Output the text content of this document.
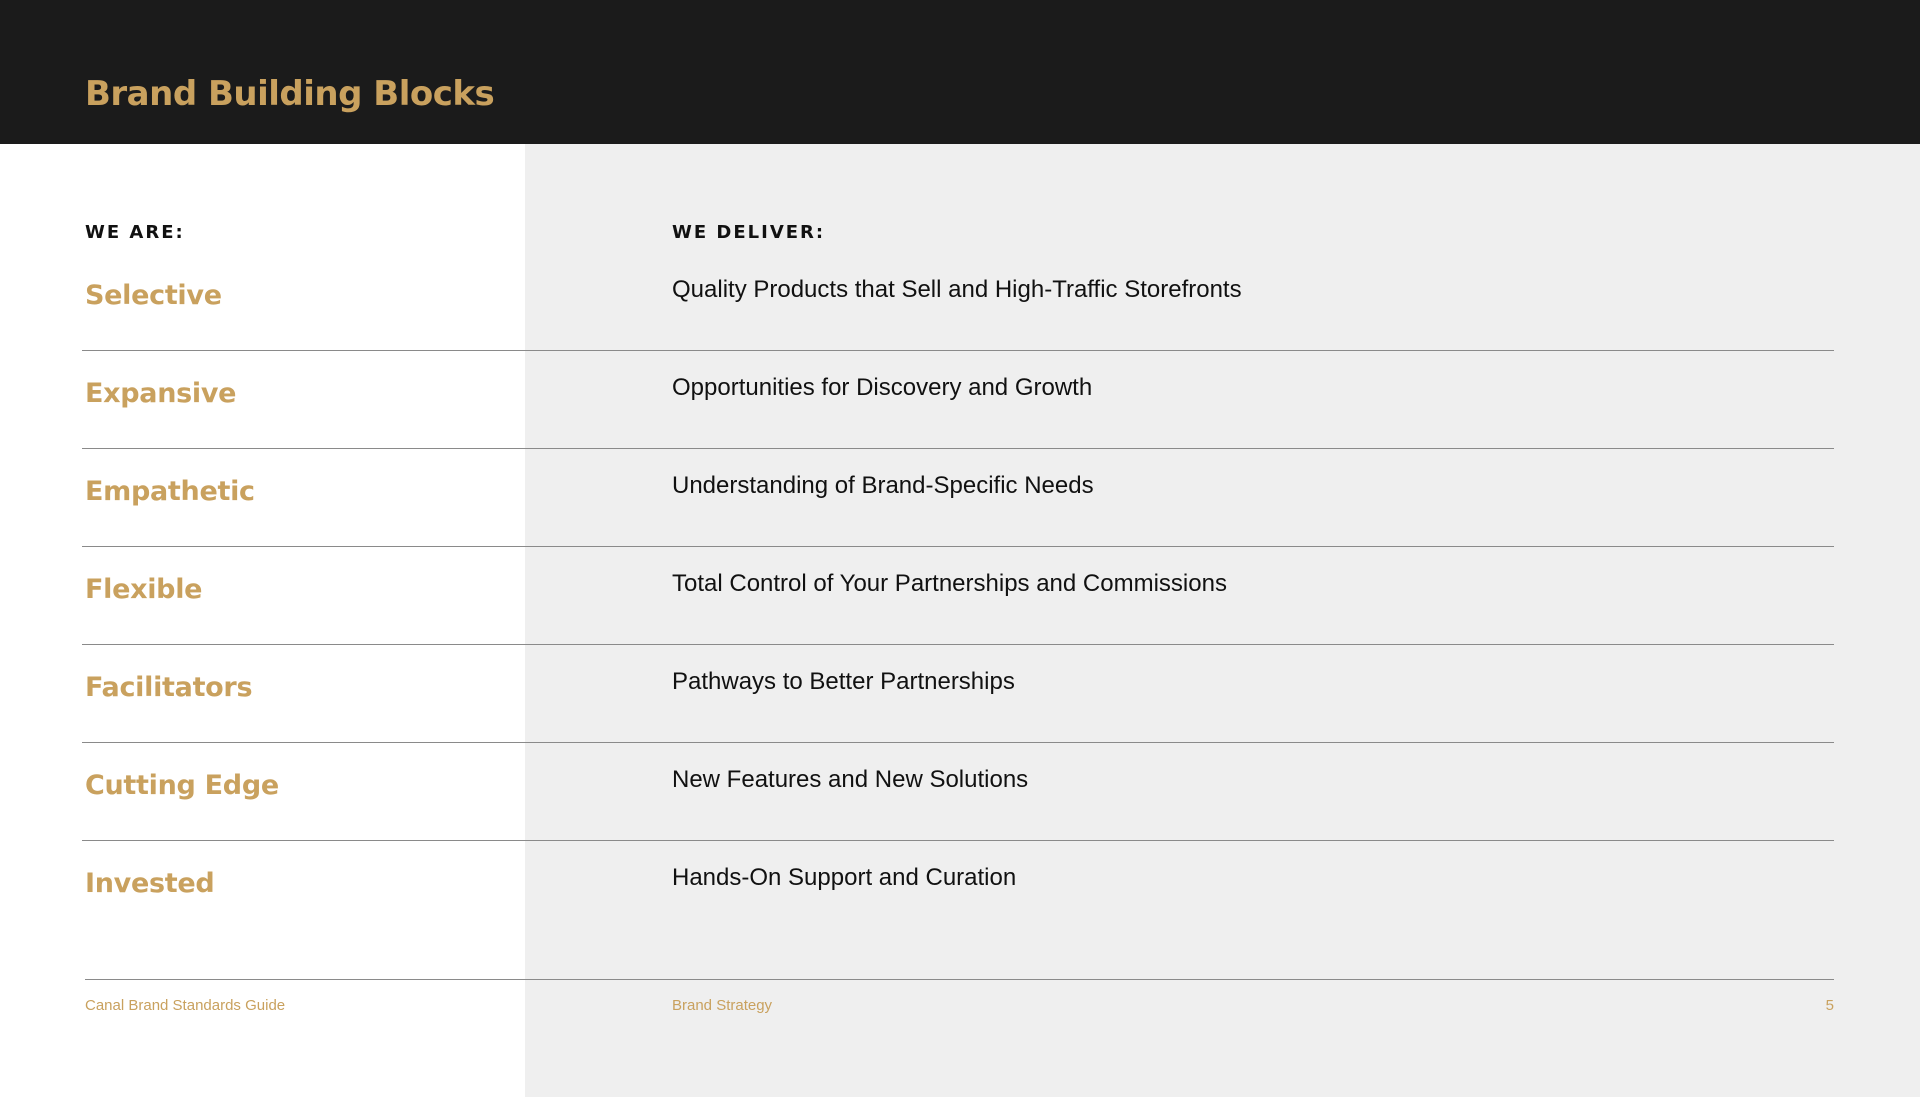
Brand Building Blocks
WE ARE:	WE DELIVER:
Selective	Quality Products that Sell and High-Traffic Storefronts
Expansive	Opportunities for Discovery and Growth
Empathetic	Understanding of Brand-Specific Needs
Flexible	Total Control of Your Partnerships and Commissions
Facilitators	Pathways to Better Partnerships
Cutting Edge	New Features and New Solutions
Invested	Hands-On Support and Curation
Canal Brand Standards Guide	Brand Strategy	5
